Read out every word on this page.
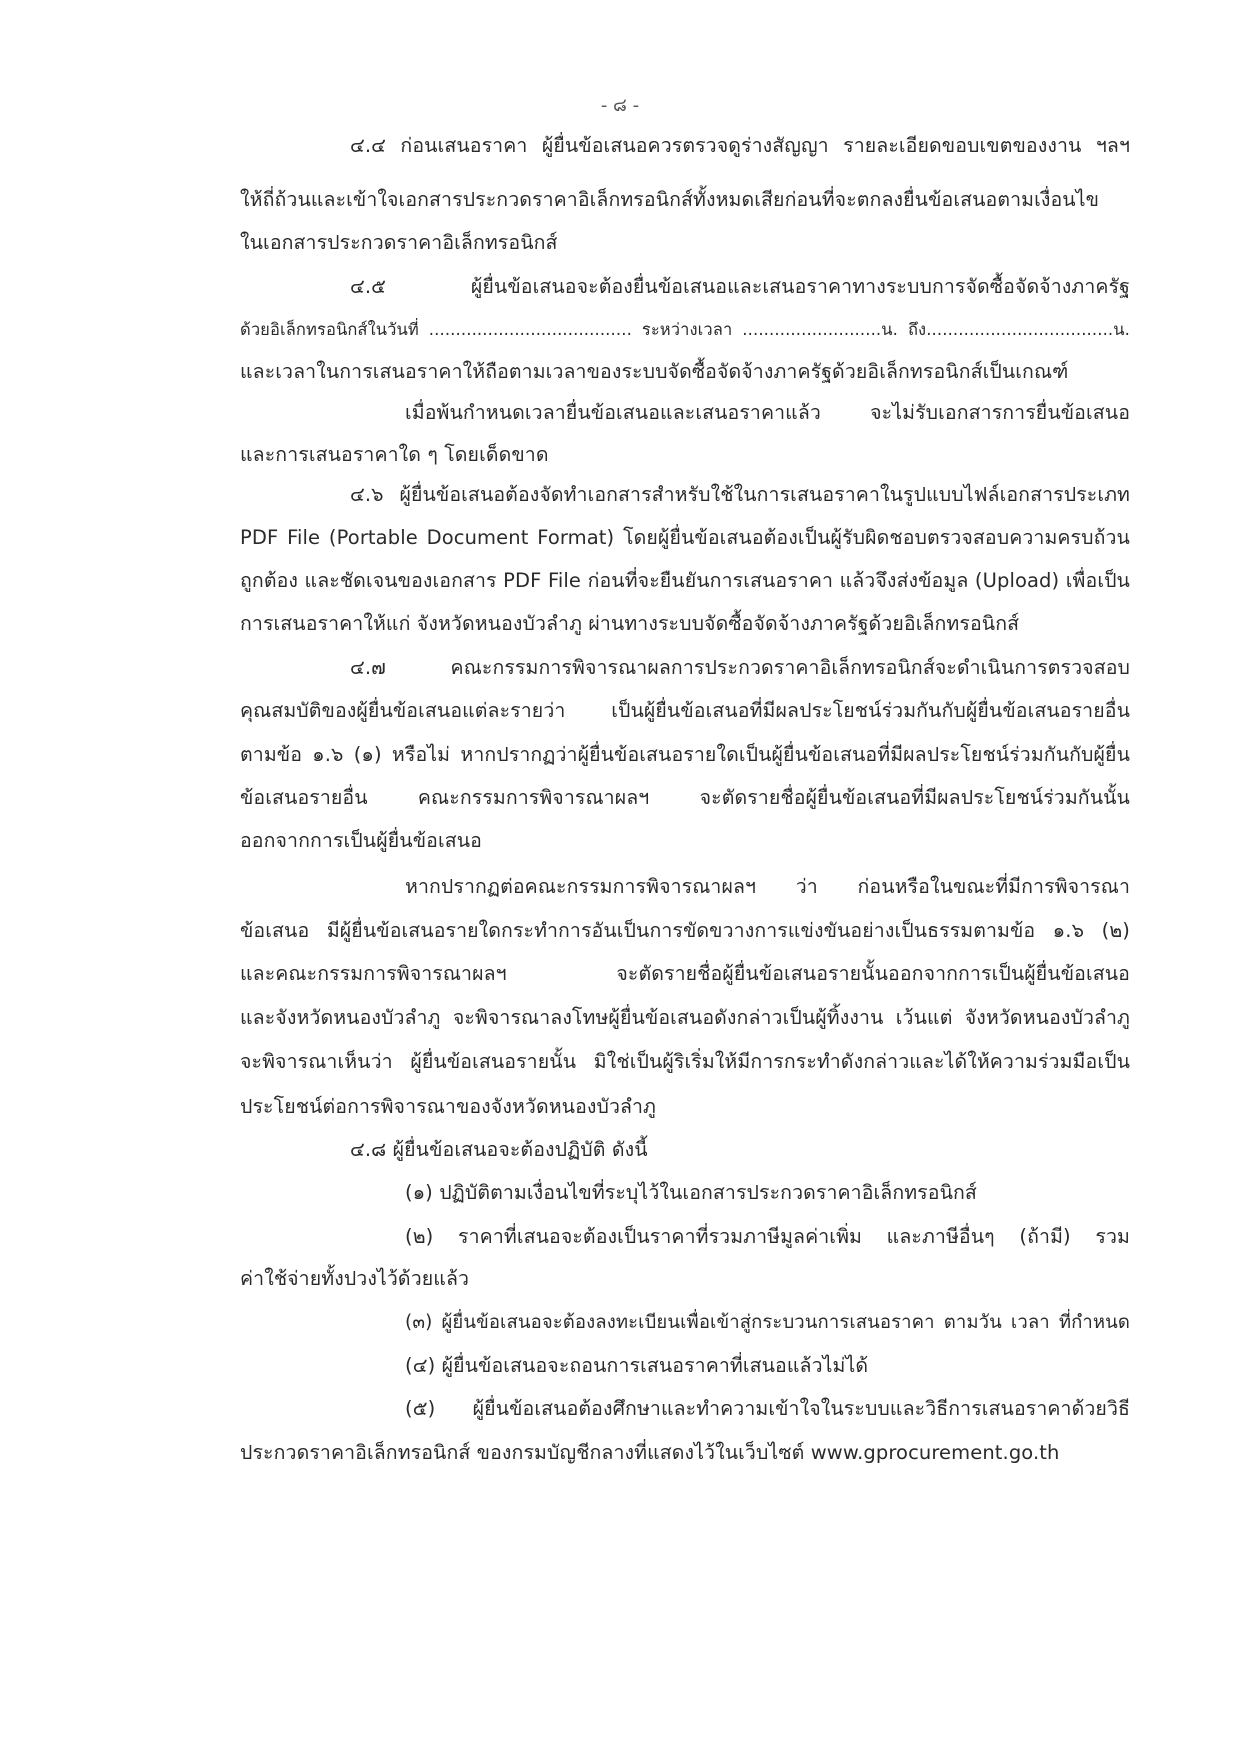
- ๘ -
๔.๔ ก่อนเสนอราคา ผู้ยื่นข้อเสนอควรตรวจดูร่างสัญญา รายละเอียดขอบเขตของงาน ฯลฯ
ให้ถี่ถ้วนและเข้าใจเอกสารประกวดราคาอิเล็กทรอนิกส์ทั้งหมดเสียก่อนที่จะตกลงยื่นข้อเสนอตามเงื่อนไข
ในเอกสารประกวดราคาอิเล็กทรอนิกส์
๔.๕ ผู้ยื่นข้อเสนอจะต้องยื่นข้อเสนอและเสนอราคาทางระบบการจัดซื้อจัดจ้างภาครัฐ
ด้วยอิเล็กทรอนิกส์ในวันที่ ...................................... ระหว่างเวลา ..........................น. ถึง...................................น.
และเวลาในการเสนอราคาให้ถือตามเวลาของระบบจัดซื้อจัดจ้างภาครัฐด้วยอิเล็กทรอนิกส์เป็นเกณฑ์
เมื่อพ้นกำหนดเวลายื่นข้อเสนอและเสนอราคาแล้ว จะไม่รับเอกสารการยื่นข้อเสนอ
และการเสนอราคาใด ๆ โดยเด็ดขาด
๔.๖ ผู้ยื่นข้อเสนอต้องจัดทำเอกสารสำหรับใช้ในการเสนอราคาในรูปแบบไฟล์เอกสารประเภท
PDF File (Portable Document Format) โดยผู้ยื่นข้อเสนอต้องเป็นผู้รับผิดชอบตรวจสอบความครบถ้วน
ถูกต้อง และชัดเจนของเอกสาร PDF File ก่อนที่จะยืนยันการเสนอราคา แล้วจึงส่งข้อมูล (Upload) เพื่อเป็น
การเสนอราคาให้แก่ จังหวัดหนองบัวลำภู ผ่านทางระบบจัดซื้อจัดจ้างภาครัฐด้วยอิเล็กทรอนิกส์
๔.๗ คณะกรรมการพิจารณาผลการประกวดราคาอิเล็กทรอนิกส์จะดำเนินการตรวจสอบ
คุณสมบัติของผู้ยื่นข้อเสนอแต่ละรายว่า เป็นผู้ยื่นข้อเสนอที่มีผลประโยชน์ร่วมกันกับผู้ยื่นข้อเสนอรายอื่น
ตามข้อ ๑.๖ (๑) หรือไม่ หากปรากฏว่าผู้ยื่นข้อเสนอรายใดเป็นผู้ยื่นข้อเสนอที่มีผลประโยชน์ร่วมกันกับผู้ยื่น
ข้อเสนอรายอื่น คณะกรรมการพิจารณาผลฯ จะตัดรายชื่อผู้ยื่นข้อเสนอที่มีผลประโยชน์ร่วมกันนั้น
ออกจากการเป็นผู้ยื่นข้อเสนอ
หากปรากฏต่อคณะกรรมการพิจารณาผลฯ ว่า ก่อนหรือในขณะที่มีการพิจารณา
ข้อเสนอ มีผู้ยื่นข้อเสนอรายใดกระทำการอันเป็นการขัดขวางการแข่งขันอย่างเป็นธรรมตามข้อ ๑.๖ (๒)
และคณะกรรมการพิจารณาผลฯ จะตัดรายชื่อผู้ยื่นข้อเสนอรายนั้นออกจากการเป็นผู้ยื่นข้อเสนอ
และจังหวัดหนองบัวลำภู จะพิจารณาลงโทษผู้ยื่นข้อเสนอดังกล่าวเป็นผู้ทิ้งงาน เว้นแต่ จังหวัดหนองบัวลำภู
จะพิจารณาเห็นว่า ผู้ยื่นข้อเสนอรายนั้น มิใช่เป็นผู้ริเริ่มให้มีการกระทำดังกล่าวและได้ให้ความร่วมมือเป็น
ประโยชน์ต่อการพิจารณาของจังหวัดหนองบัวลำภู
๔.๘ ผู้ยื่นข้อเสนอจะต้องปฏิบัติ ดังนี้
(๑) ปฏิบัติตามเงื่อนไขที่ระบุไว้ในเอกสารประกวดราคาอิเล็กทรอนิกส์
(๒) ราคาที่เสนอจะต้องเป็นราคาที่รวมภาษีมูลค่าเพิ่ม และภาษีอื่นๆ (ถ้ามี) รวม
ค่าใช้จ่ายทั้งปวงไว้ด้วยแล้ว
(๓) ผู้ยื่นข้อเสนอจะต้องลงทะเบียนเพื่อเข้าสู่กระบวนการเสนอราคา ตามวัน เวลา ที่กำหนด
(๔) ผู้ยื่นข้อเสนอจะถอนการเสนอราคาที่เสนอแล้วไม่ได้
(๕) ผู้ยื่นข้อเสนอต้องศึกษาและทำความเข้าใจในระบบและวิธีการเสนอราคาด้วยวิธี
ประกวดราคาอิเล็กทรอนิกส์ ของกรมบัญชีกลางที่แสดงไว้ในเว็บไซต์ www.gprocurement.go.th
